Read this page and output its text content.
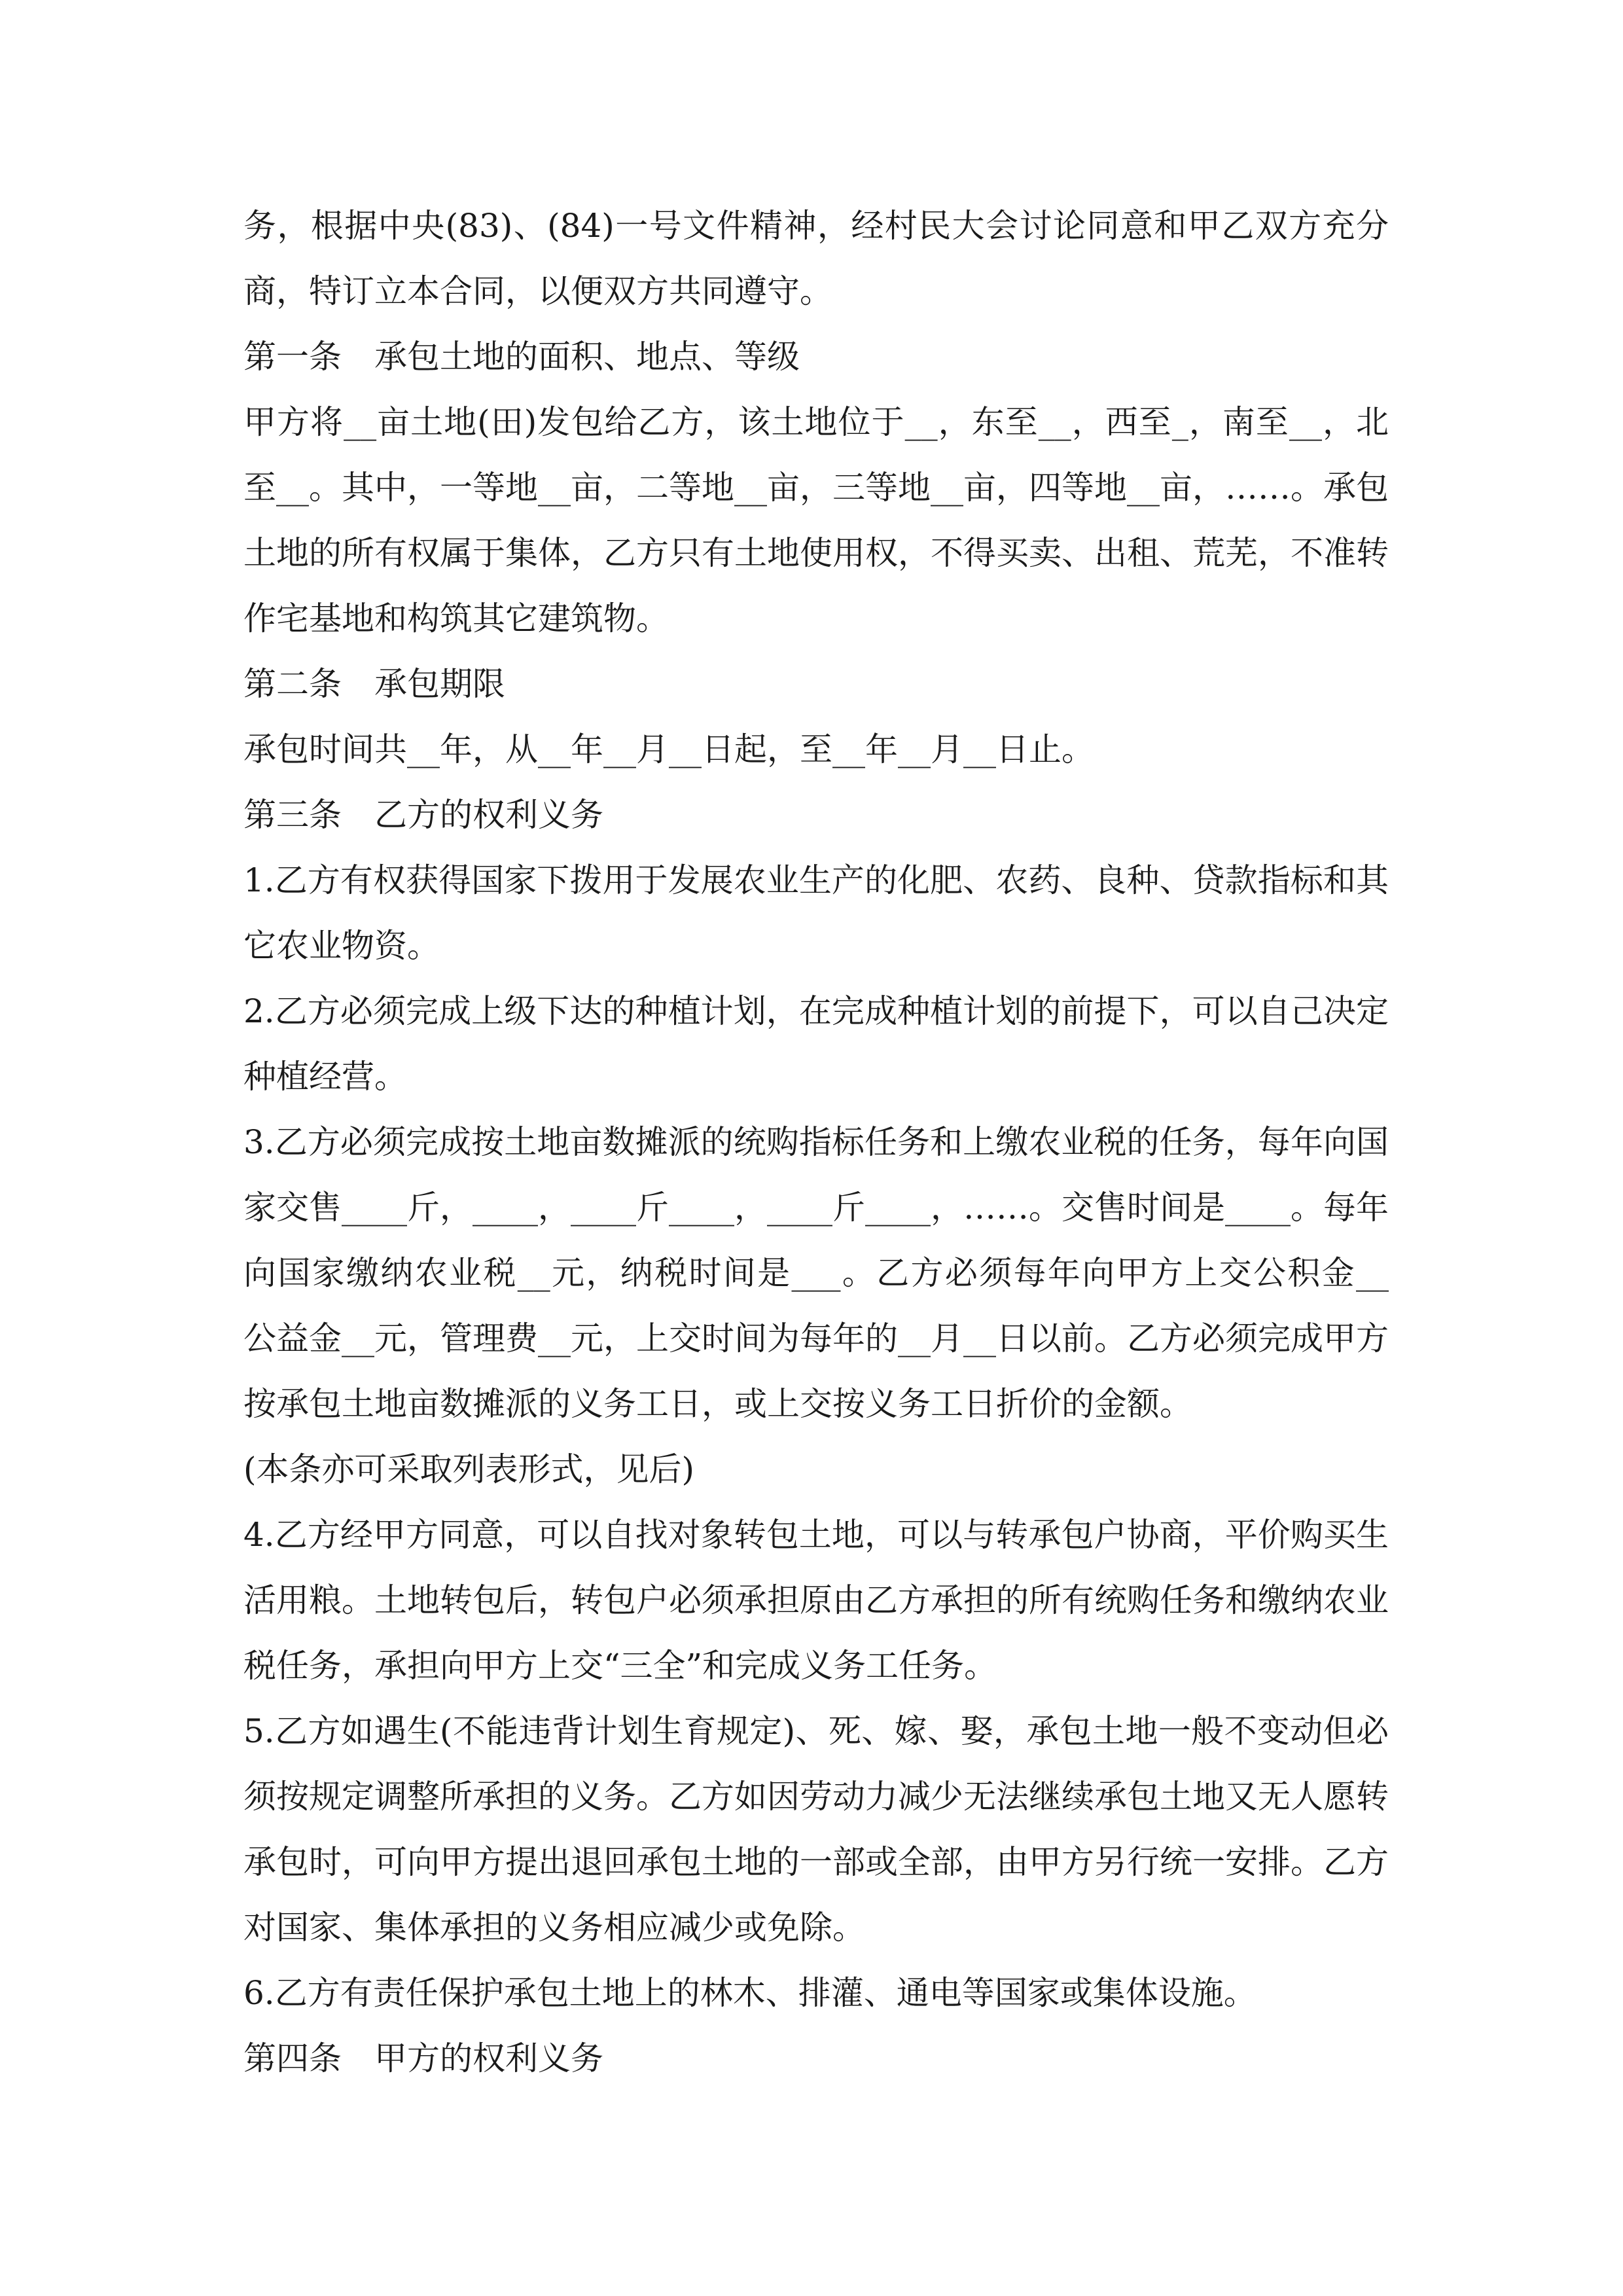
务，根据中央(83)、(84)一号文件精神，经村民大会讨论同意和甲乙双方充分
商，特订立本合同，以便双方共同遵守。
第一条　承包土地的面积、地点、等级
甲方将__亩土地(田)发包给乙方，该土地位于__，东至__，西至_，南至__，北
至__。其中，一等地__亩，二等地__亩，三等地__亩，四等地__亩，……。承包
土地的所有权属于集体，乙方只有土地使用权，不得买卖、出租、荒芜，不准转
作宅基地和构筑其它建筑物。
第二条　承包期限
承包时间共__年，从__年__月__日起，至__年__月__日止。
第三条　乙方的权利义务
1.乙方有权获得国家下拨用于发展农业生产的化肥、农药、良种、贷款指标和其
它农业物资。
2.乙方必须完成上级下达的种植计划，在完成种植计划的前提下，可以自己决定
种植经营。
3.乙方必须完成按土地亩数摊派的统购指标任务和上缴农业税的任务，每年向国
家交售____斤，____，____斤____，____斤____，……。交售时间是____。每年
向国家缴纳农业税__元，纳税时间是___。乙方必须每年向甲方上交公积金__
公益金__元，管理费__元，上交时间为每年的__月__日以前。乙方必须完成甲方
按承包土地亩数摊派的义务工日，或上交按义务工日折价的金额。
(本条亦可采取列表形式，见后)
4.乙方经甲方同意，可以自找对象转包土地，可以与转承包户协商，平价购买生
活用粮。土地转包后，转包户必须承担原由乙方承担的所有统购任务和缴纳农业
税任务，承担向甲方上交“三全”和完成义务工任务。
5.乙方如遇生(不能违背计划生育规定)、死、嫁、娶，承包土地一般不变动但必
须按规定调整所承担的义务。乙方如因劳动力减少无法继续承包土地又无人愿转
承包时，可向甲方提出退回承包土地的一部或全部，由甲方另行统一安排。乙方
对国家、集体承担的义务相应减少或免除。
6.乙方有责任保护承包土地上的林木、排灌、通电等国家或集体设施。
第四条　甲方的权利义务
